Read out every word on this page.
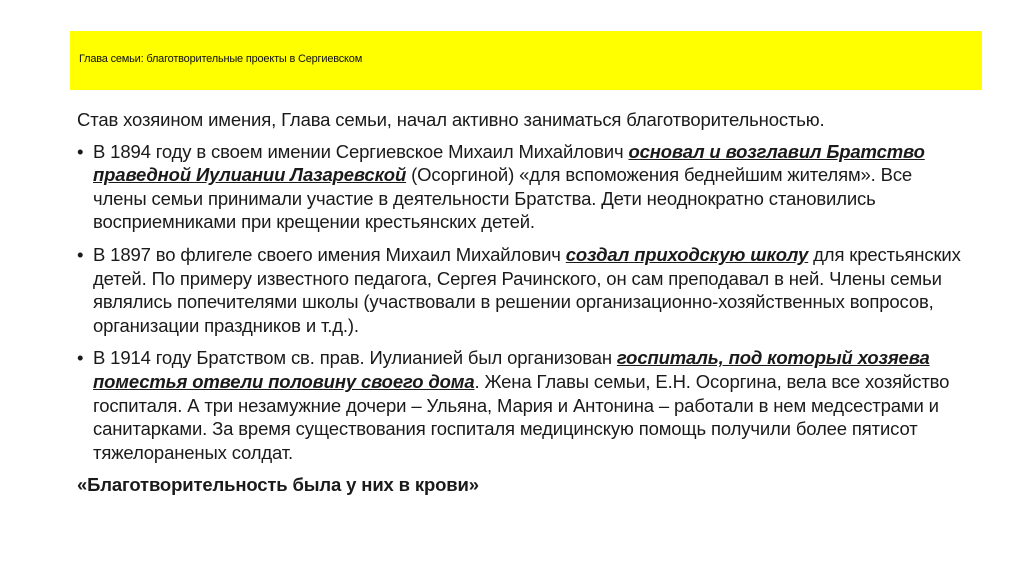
Глава семьи: благотворительные проекты в Сергиевском

Став хозяином имения, Глава семьи, начал активно заниматься благотворительностью.

• В 1894 году в своем имении Сергиевское Михаил Михайлович основал и возглавил Братство праведной Иулиании Лазаревской (Осоргиной) «для вспоможения беднейшим жителям». Все члены семьи принимали участие в деятельности Братства. Дети неоднократно становились восприемниками при крещении крестьянских детей.
• В 1897 во флигеле своего имения Михаил Михайлович создал приходскую школу для крестьянских детей. По примеру известного педагога, Сергея Рачинского, он сам преподавал в ней. Члены семьи являлись попечителями школы (участвовали в решении организационно-хозяйственных вопросов, организации праздников и т.д.).
• В 1914 году Братством св. прав. Иулианией был организован госпиталь, под который хозяева поместья отвели половину своего дома. Жена Главы семьи, Е.Н. Осоргина, вела все хозяйство госпиталя. А три незамужние дочери – Ульяна, Мария и Антонина – работали в нем медсестрами и санитарками. За время существования госпиталя медицинскую помощь получили более пятисот тяжелораненых солдат.

«Благотворительность была у них в крови»
